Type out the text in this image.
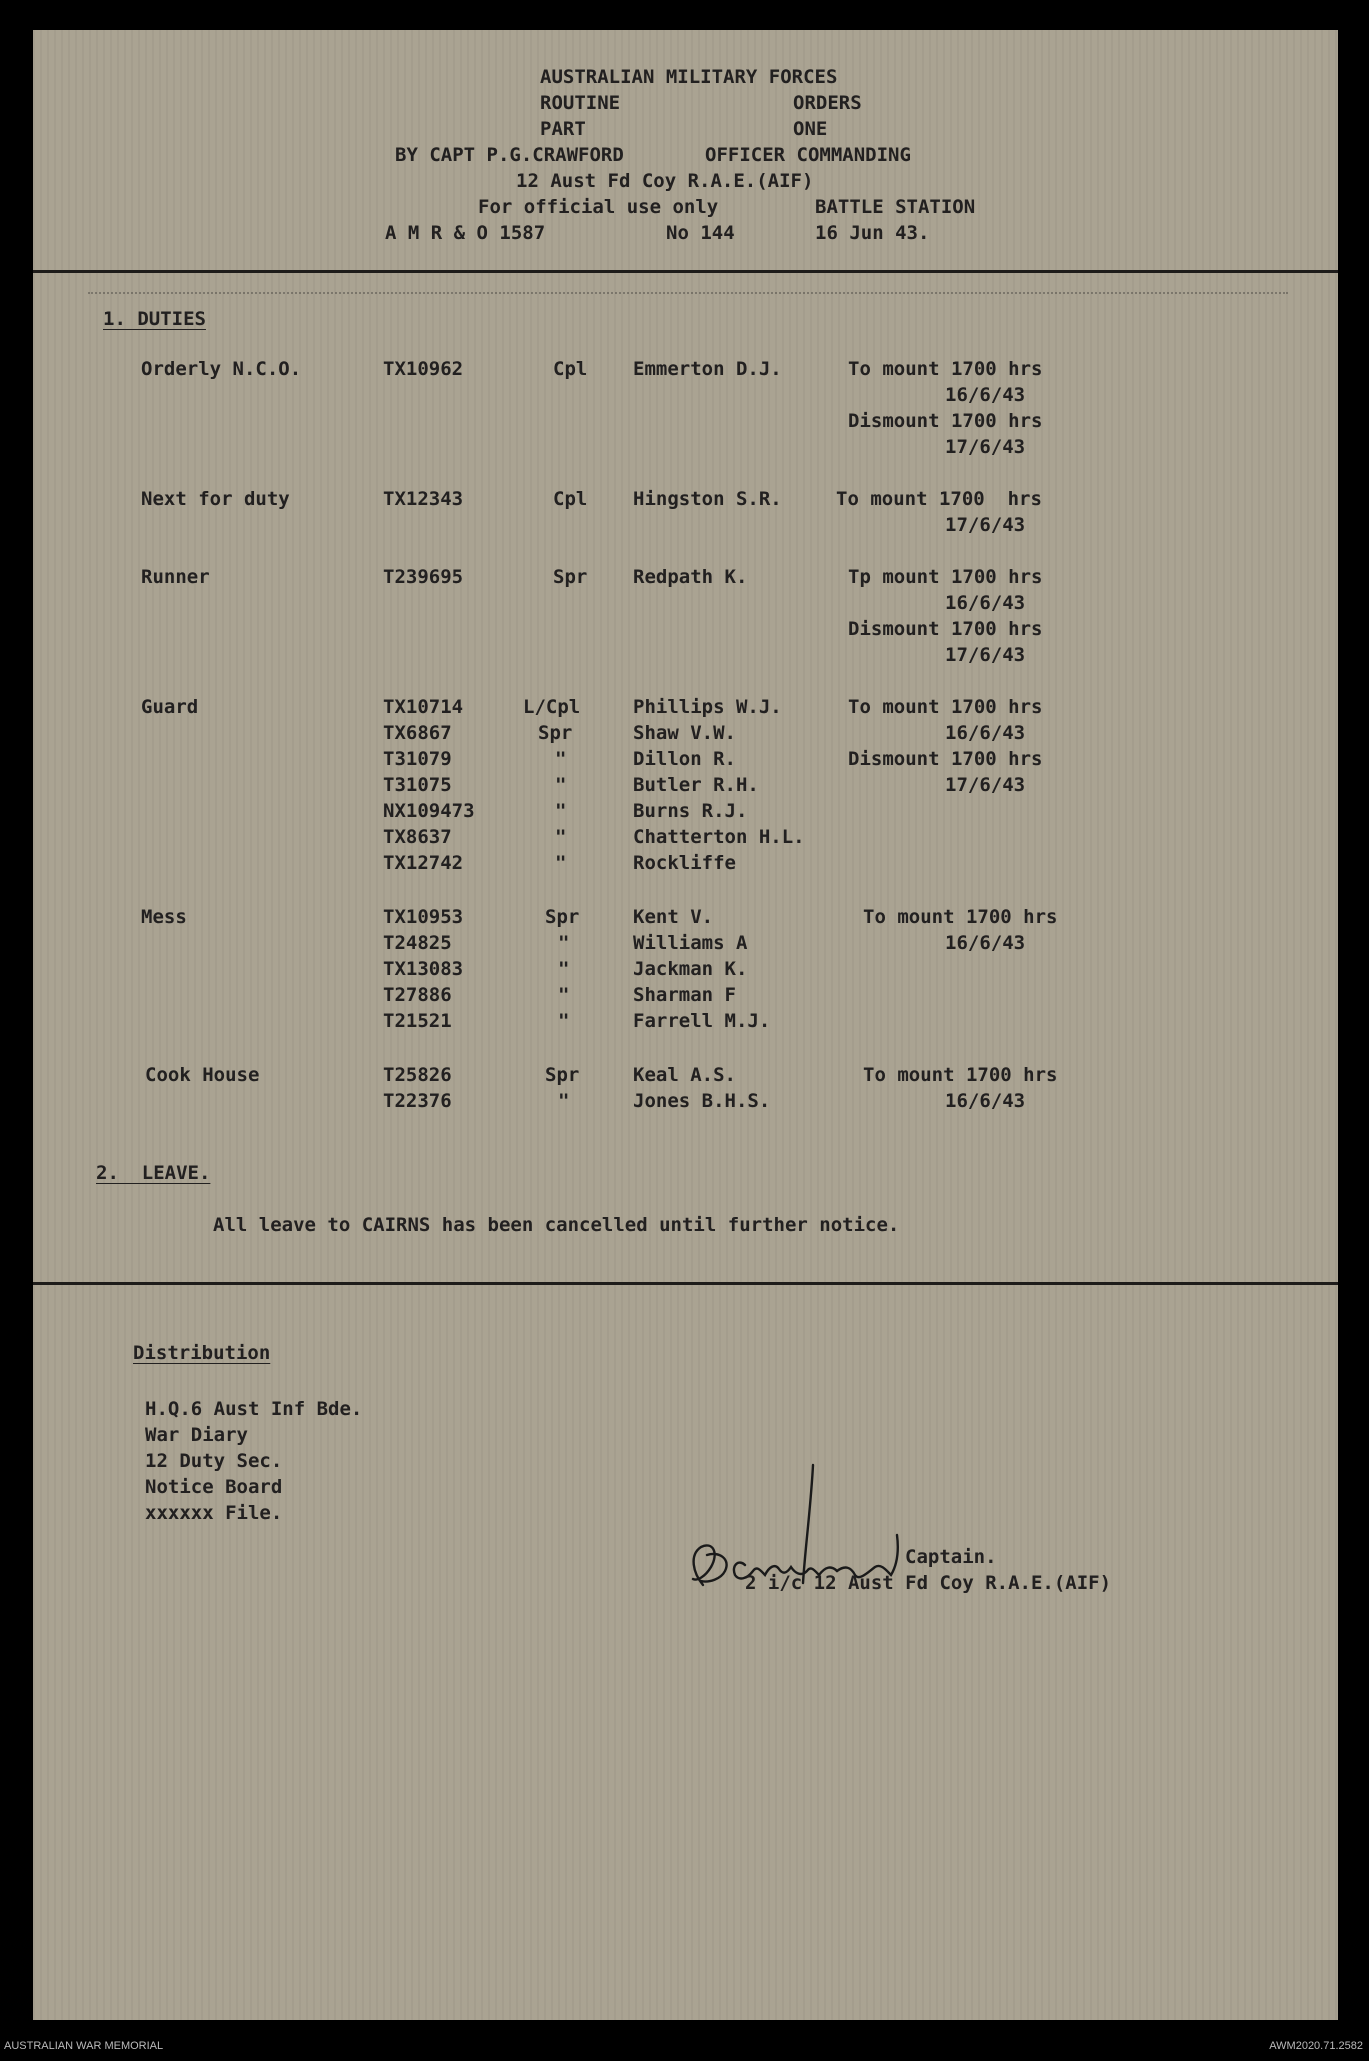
AUSTRALIAN MILITARY FORCES
ROUTINE	ORDERS
PART	ONE
BY CAPT P.G.CRAWFORD	OFFICER COMMANDING
12 Aust Fd Coy R.A.E.(AIF)
For official use only	BATTLE STATION
A M R & O 1587	No 144	16 Jun 43.
1. DUTIES
Orderly N.C.O.	TX10962	Cpl Emmerton D.J.	To mount 1700 hrs
16/6/43
Dismount 1700 hrs
17/6/43
Next for duty	TX12343	Cpl Hingston S.R.	To mount 1700  hrs
17/6/43
Runner	T239695	Spr Redpath K.	Tp mount 1700 hrs
16/6/43
Dismount 1700 hrs
17/6/43
Guard	TX10714	L/Cpl	Phillips W.J.
TX6867	Spr	Shaw V.W.
T31079	"	Dillon R.
T31075	"	Butler R.H.
NX109473	"	Burns R.J.
TX8637	"	Chatterton H.L.
TX12742	"	Rockliffe
To mount 1700 hrs
16/6/43
Dismount 1700 hrs
17/6/43
Mess	TX10953	Spr	Kent V.
T24825	"	Williams A
TX13083	"	Jackman K.
T27886	"	Sharman F
T21521	"	Farrell M.J.
To mount 1700 hrs
16/6/43
Cook House	T25826	Spr	Keal A.S.
T22376	"	Jones B.H.S.
To mount 1700 hrs
16/6/43
2.  LEAVE.
All leave to CAIRNS has been cancelled until further notice.
Distribution
H.Q.6 Aust Inf Bde.
War Diary
12 Duty Sec.
Notice Board
xxxxxx File.
Captain.
2 i/c 12 Aust Fd Coy R.A.E.(AIF)
AUSTRALIAN WAR MEMORIAL	AWM2020.71.2582
